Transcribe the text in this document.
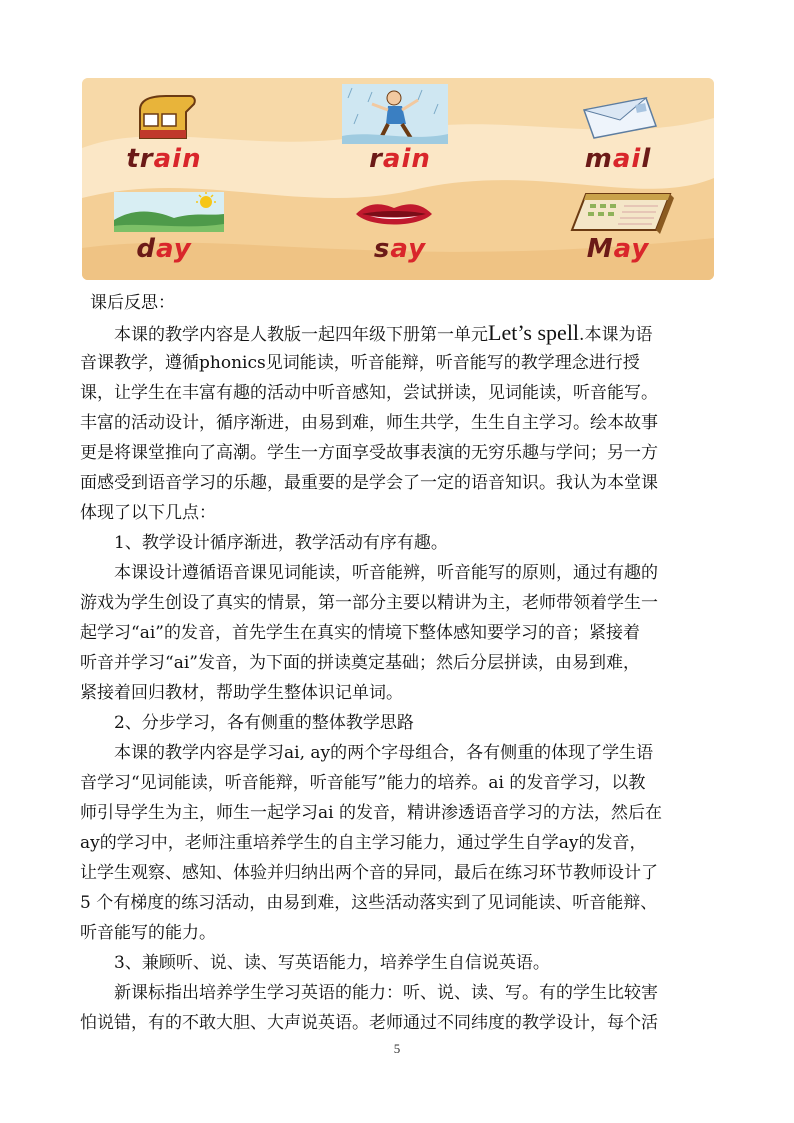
train	rain	mail
day	say	May
课后反思：
本课的教学内容是人教版一起四年级下册第一单元Let’s spell.本课为语
音课教学，遵循phonics见词能读，听音能辩，听音能写的教学理念进行授
课，让学生在丰富有趣的活动中听音感知，尝试拼读，见词能读，听音能写。
丰富的活动设计，循序渐进，由易到难，师生共学，生生自主学习。绘本故事
更是将课堂推向了高潮。学生一方面享受故事表演的无穷乐趣与学问；另一方
面感受到语音学习的乐趣，最重要的是学会了一定的语音知识。我认为本堂课
体现了以下几点：
1、教学设计循序渐进，教学活动有序有趣。
本课设计遵循语音课见词能读，听音能辨，听音能写的原则，通过有趣的
游戏为学生创设了真实的情景，第一部分主要以精讲为主，老师带领着学生一
起学习“ai”的发音，首先学生在真实的情境下整体感知要学习的音；紧接着
听音并学习“ai”发音，为下面的拼读奠定基础；然后分层拼读，由易到难，
紧接着回归教材，帮助学生整体识记单词。
2、分步学习，各有侧重的整体教学思路
本课的教学内容是学习ai, ay的两个字母组合，各有侧重的体现了学生语
音学习“见词能读，听音能辩，听音能写”能力的培养。ai 的发音学习，以教
师引导学生为主，师生一起学习ai 的发音，精讲渗透语音学习的方法，然后在
ay的学习中，老师注重培养学生的自主学习能力，通过学生自学ay的发音，
让学生观察、感知、体验并归纳出两个音的异同，最后在练习环节教师设计了
5 个有梯度的练习活动，由易到难，这些活动落实到了见词能读、听音能辩、
听音能写的能力。
3、兼顾听、说、读、写英语能力，培养学生自信说英语。
新课标指出培养学生学习英语的能力：听、说、读、写。有的学生比较害
怕说错，有的不敢大胆、大声说英语。老师通过不同纬度的教学设计，每个活
5
